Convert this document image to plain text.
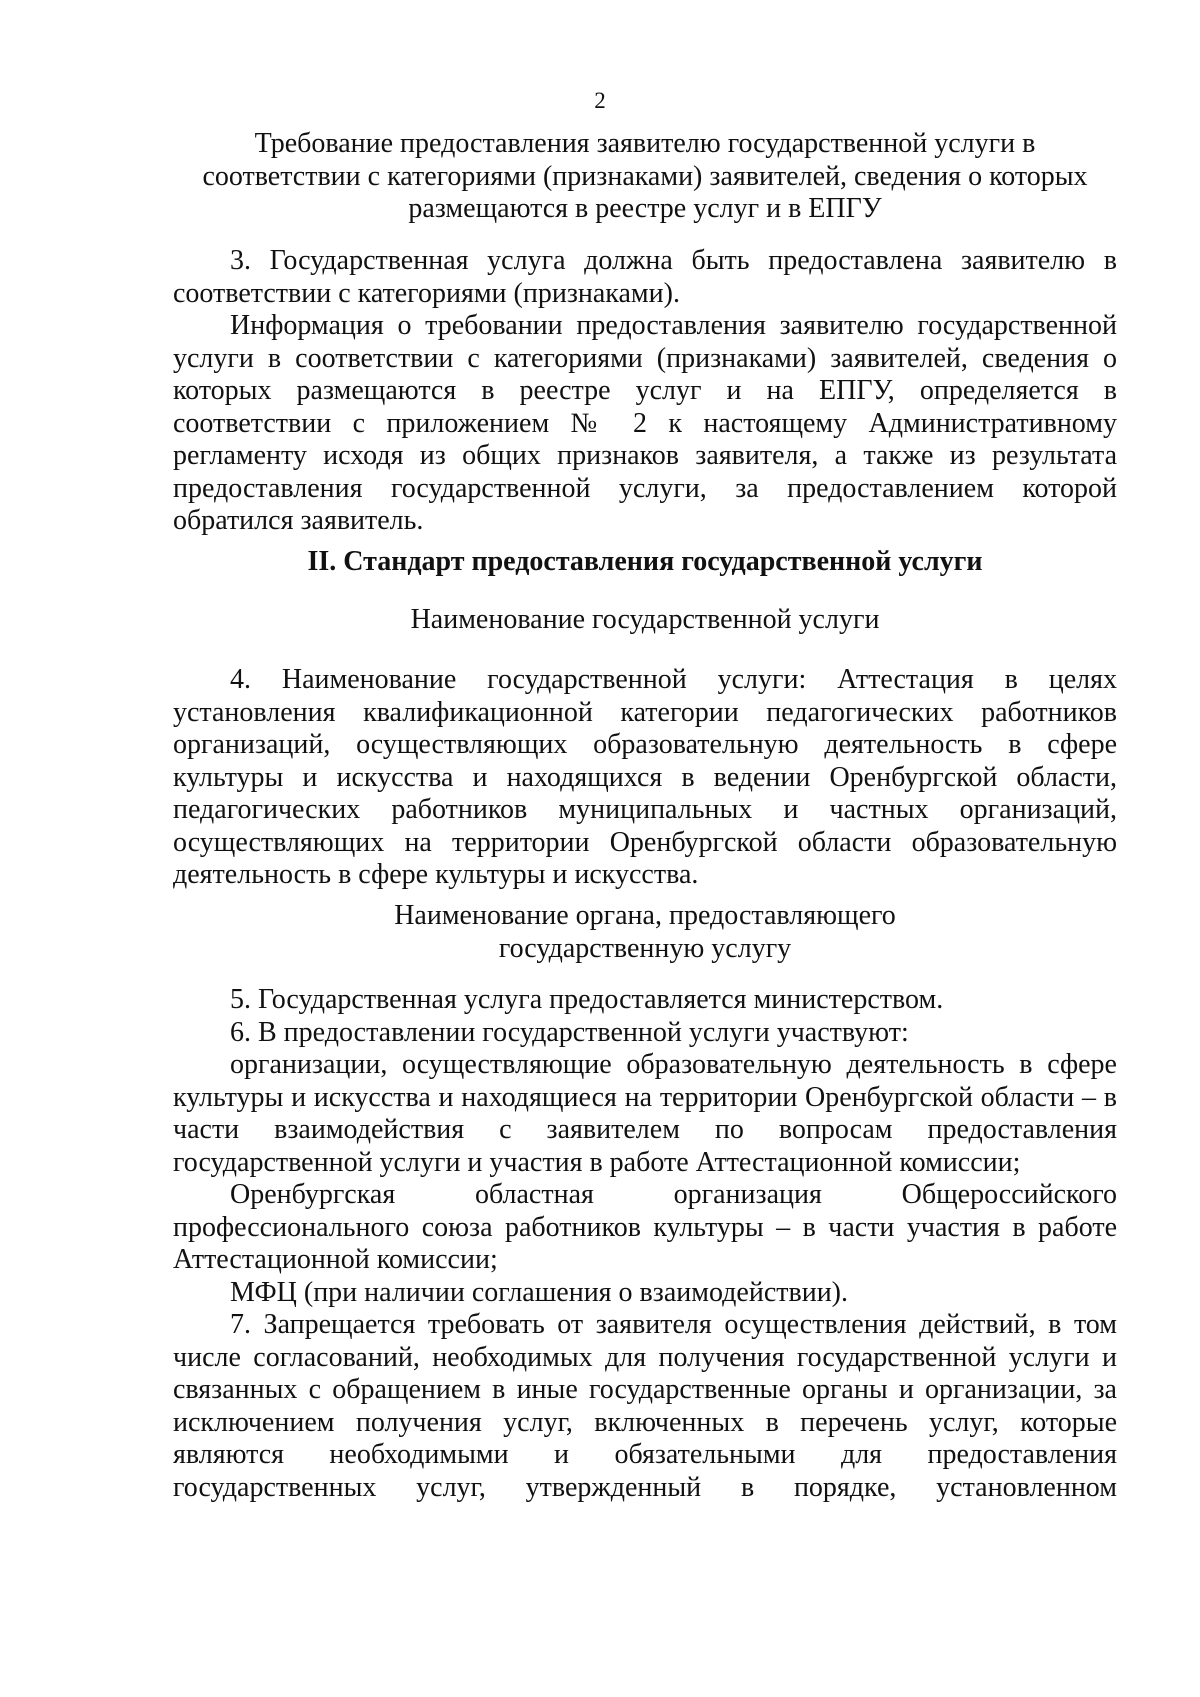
2

Требование предоставления заявителю государственной услуги в
соответствии с категориями (признаками) заявителей, сведения о которых
размещаются в реестре услуг и в ЕПГУ

3. Государственная услуга должна быть предоставлена заявителю в соответствии с категориями (признаками).

Информация о требовании предоставления заявителю государственной услуги в соответствии с категориями (признаками) заявителей, сведения о которых размещаются в реестре услуг и на ЕПГУ, определяется в соответствии с приложением № 2 к настоящему Административному регламенту исходя из общих признаков заявителя, а также из результата предоставления государственной услуги, за предоставлением которой обратился заявитель.

II. Стандарт предоставления государственной услуги

Наименование государственной услуги

4. Наименование государственной услуги: Аттестация в целях установления квалификационной категории педагогических работников организаций, осуществляющих образовательную деятельность в сфере культуры и искусства и находящихся в ведении Оренбургской области, педагогических работников муниципальных и частных организаций, осуществляющих на территории Оренбургской области образовательную деятельность в сфере культуры и искусства.

Наименование органа, предоставляющего
государственную услугу

5. Государственная услуга предоставляется министерством.

6. В предоставлении государственной услуги участвуют:

организации, осуществляющие образовательную деятельность в сфере культуры и искусства и находящиеся на территории Оренбургской области – в части взаимодействия с заявителем по вопросам предоставления государственной услуги и участия в работе Аттестационной комиссии;

Оренбургская областная организация Общероссийского профессионального союза работников культуры – в части участия в работе Аттестационной комиссии;

МФЦ (при наличии соглашения о взаимодействии).

7. Запрещается требовать от заявителя осуществления действий, в том числе согласований, необходимых для получения государственной услуги и связанных с обращением в иные государственные органы и организации, за исключением получения услуг, включенных в перечень услуг, которые являются необходимыми и обязательными для предоставления государственных услуг, утвержденный в порядке, установленном
